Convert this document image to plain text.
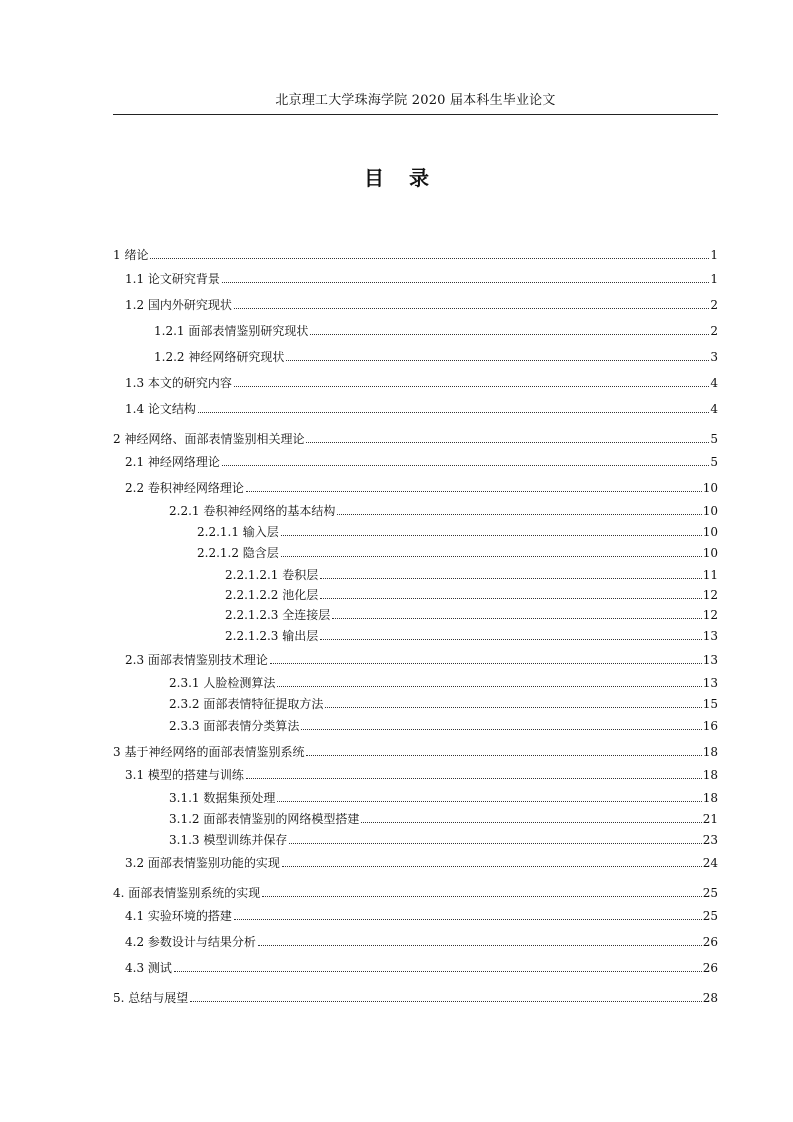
北京理工大学珠海学院 2020 届本科生毕业论文
目 录
1 绪论	1
1.1 论文研究背景	1
1.2 国内外研究现状	2
1.2.1 面部表情鉴别研究现状	2
1.2.2 神经网络研究现状	3
1.3 本文的研究内容	4
1.4 论文结构	4
2 神经网络、面部表情鉴别相关理论	5
2.1 神经网络理论	5
2.2 卷积神经网络理论	10
2.2.1 卷积神经网络的基本结构	10
2.2.1.1 输入层	10
2.2.1.2 隐含层	10
2.2.1.2.1 卷积层	11
2.2.1.2.2 池化层	12
2.2.1.2.3 全连接层	12
2.2.1.2.3 输出层	13
2.3 面部表情鉴别技术理论	13
2.3.1 人脸检测算法	13
2.3.2 面部表情特征提取方法	15
2.3.3 面部表情分类算法	16
3 基于神经网络的面部表情鉴别系统	18
3.1 模型的搭建与训练	18
3.1.1 数据集预处理	18
3.1.2 面部表情鉴别的网络模型搭建	21
3.1.3 模型训练并保存	23
3.2 面部表情鉴别功能的实现	24
4. 面部表情鉴别系统的实现	25
4.1 实验环境的搭建	25
4.2 参数设计与结果分析	26
4.3 测试	26
5. 总结与展望	28
